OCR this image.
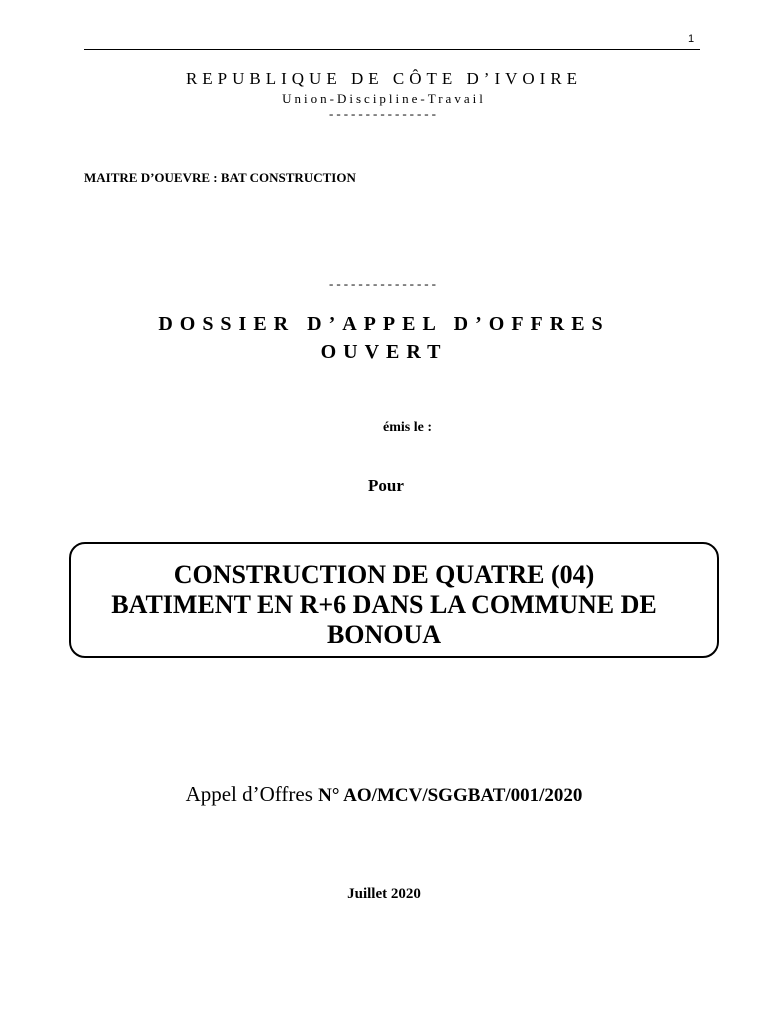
1
REPUBLIQUE DE CÔTE D’IVOIRE
Union-Discipline-Travail
---------------
MAITRE D’OUEVRE : BAT CONSTRUCTION
---------------
DOSSIER D’APPEL D’OFFRES
OUVERT
émis le :
Pour
CONSTRUCTION DE QUATRE (04)
BATIMENT EN R+6 DANS LA COMMUNE DE
BONOUA
Appel d’Offres N° AO/MCV/SGGBAT/001/2020
Juillet 2020
